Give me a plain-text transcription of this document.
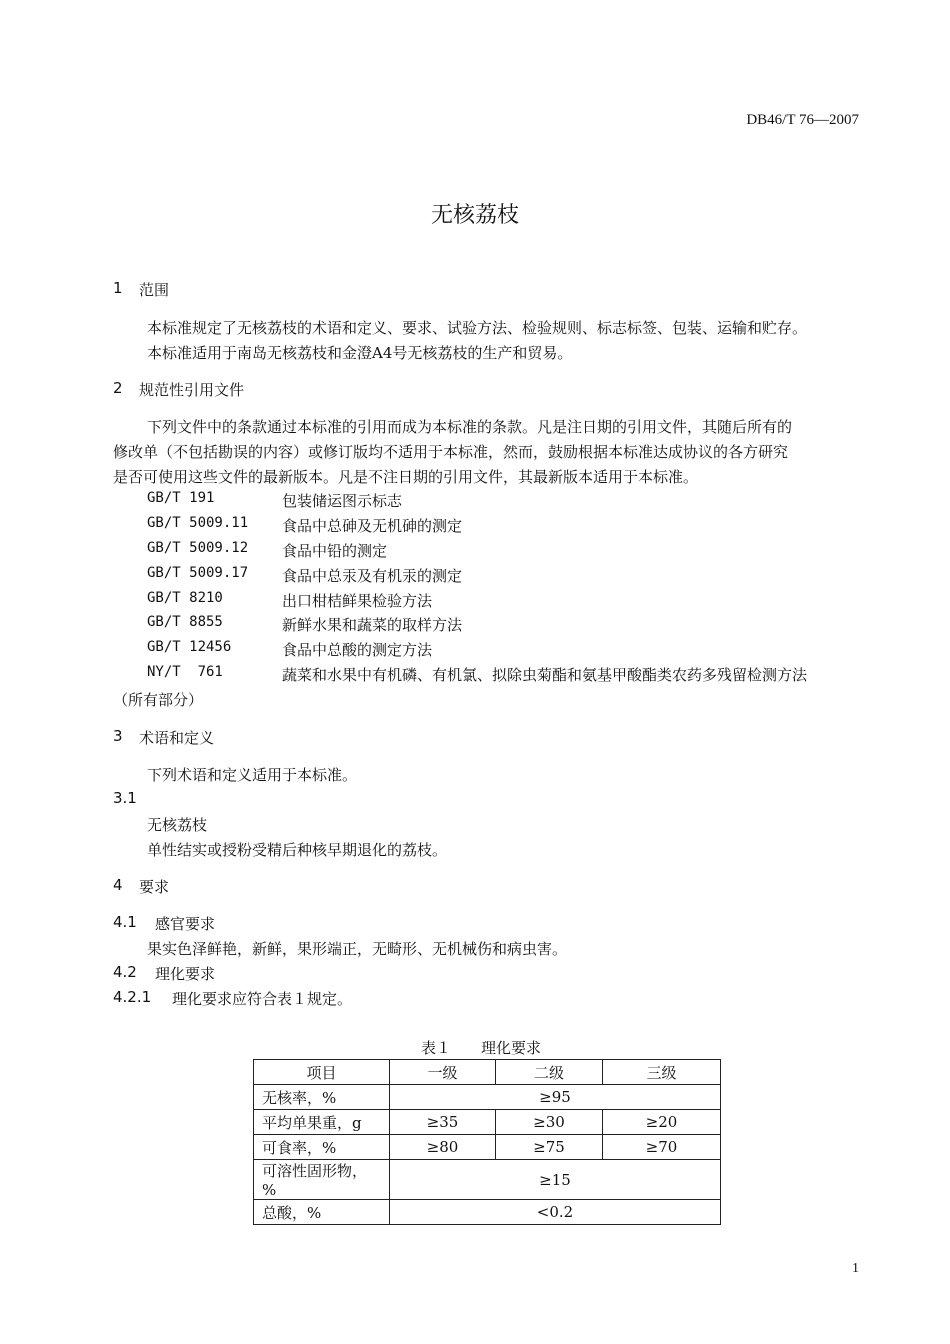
DB46/T 76—2007
无核荔枝
1 范围
本标准规定了无核荔枝的术语和定义、要求、试验方法、检验规则、标志标签、包装、运输和贮存。
本标准适用于南岛无核荔枝和金澄A4号无核荔枝的生产和贸易。
2 规范性引用文件
下列文件中的条款通过本标准的引用而成为本标准的条款。凡是注日期的引用文件，其随后所有的
修改单（不包括勘误的内容）或修订版均不适用于本标准，然而，鼓励根据本标准达成协议的各方研究
是否可使用这些文件的最新版本。凡是不注日期的引用文件，其最新版本适用于本标准。
GB/T 191	包装储运图示标志
GB/T 5009.11 食品中总砷及无机砷的测定
GB/T 5009.12 食品中铅的测定
GB/T 5009.17 食品中总汞及有机汞的测定
GB/T 8210	出口柑桔鲜果检验方法
GB/T 8855	新鲜水果和蔬菜的取样方法
GB/T 12456	食品中总酸的测定方法
NY/T  761	蔬菜和水果中有机磷、有机氯、拟除虫菊酯和氨基甲酸酯类农药多残留检测方法
（所有部分）
3 术语和定义
下列术语和定义适用于本标准。
3.1
无核荔枝
单性结实或授粉受精后种核早期退化的荔枝。
4 要求
4.1 感官要求
果实色泽鲜艳，新鲜，果形端正，无畸形、无机械伤和病虫害。
4.2 理化要求
4.2.1 理化要求应符合表１规定。
表１　　理化要求
项目	一级	二级	三级
无核率，%	≥95		
平均单果重，g	≥35	≥30	≥20
可食率，%	≥80	≥75	≥70
可溶性固形物，%	≥15		
总酸，%	<0.2		
1
